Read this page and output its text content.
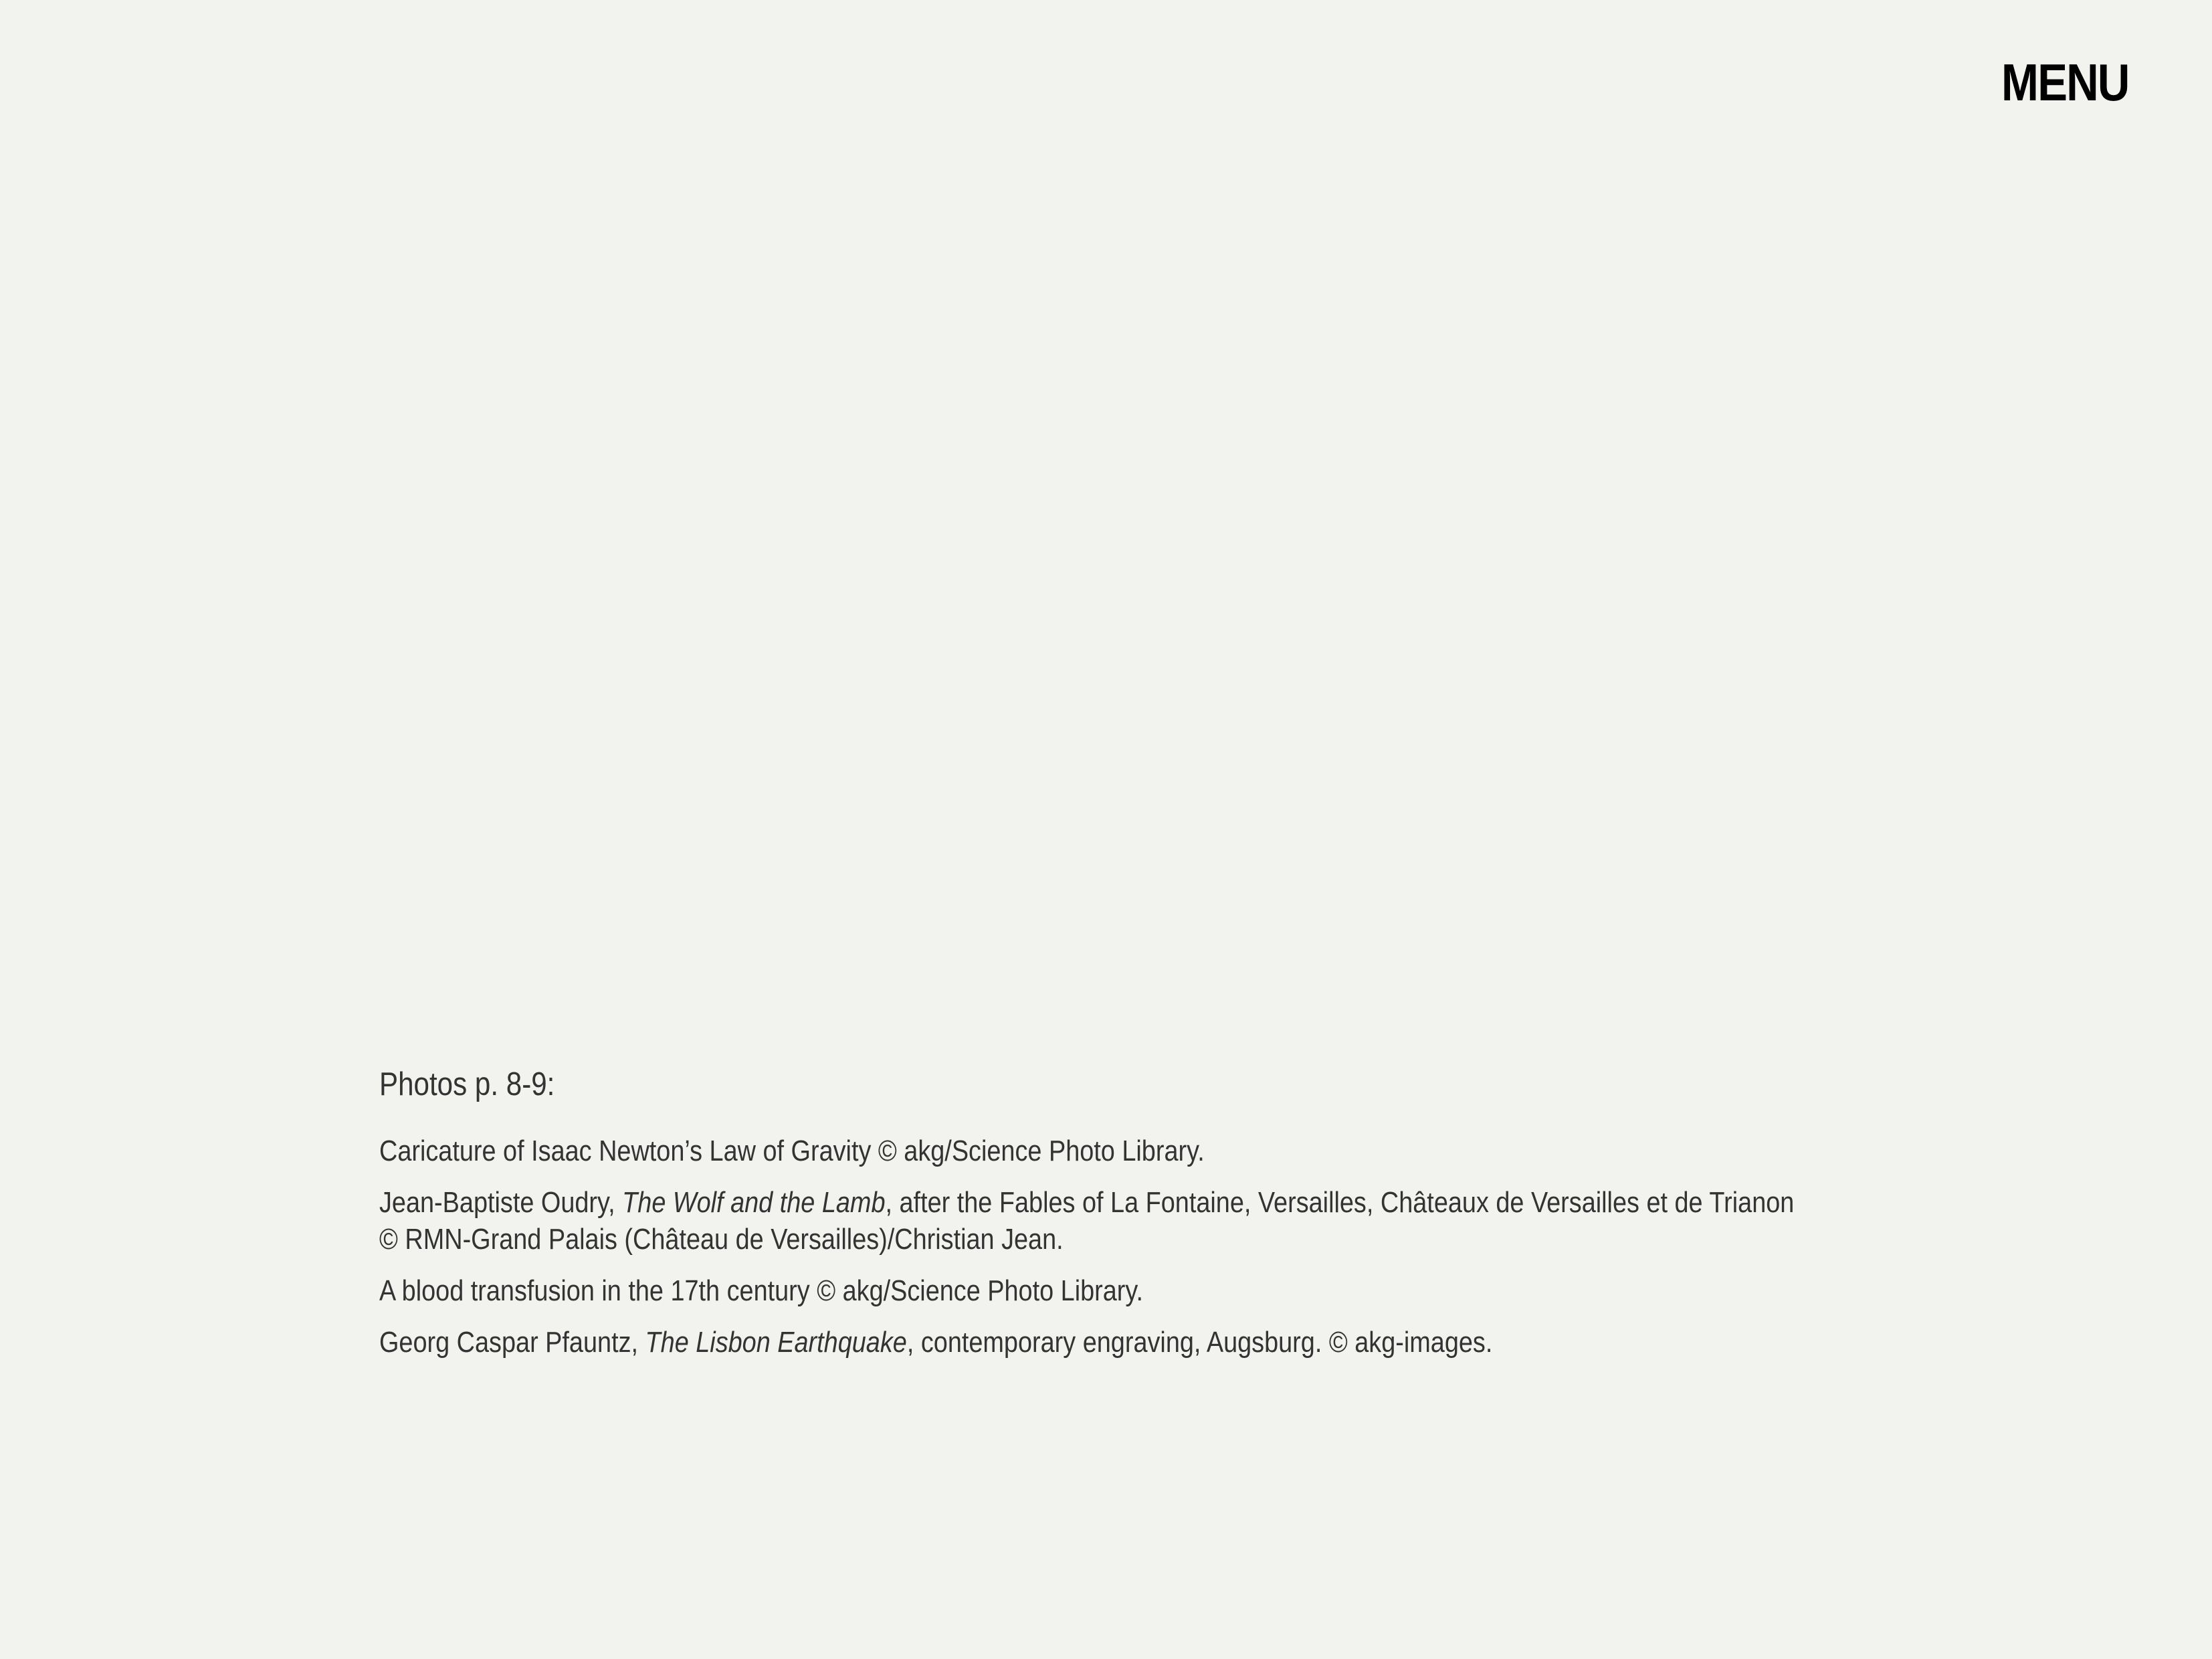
MENU
Photos p. 8-9:
Caricature of Isaac Newton’s Law of Gravity © akg/Science Photo Library.
Jean-Baptiste Oudry, The Wolf and the Lamb, after the Fables of La Fontaine, Versailles, Châteaux de Versailles et de Trianon
© RMN-Grand Palais (Château de Versailles)/Christian Jean.
A blood transfusion in the 17th century © akg/Science Photo Library.
Georg Caspar Pfauntz, The Lisbon Earthquake, contemporary engraving, Augsburg. © akg-images.
